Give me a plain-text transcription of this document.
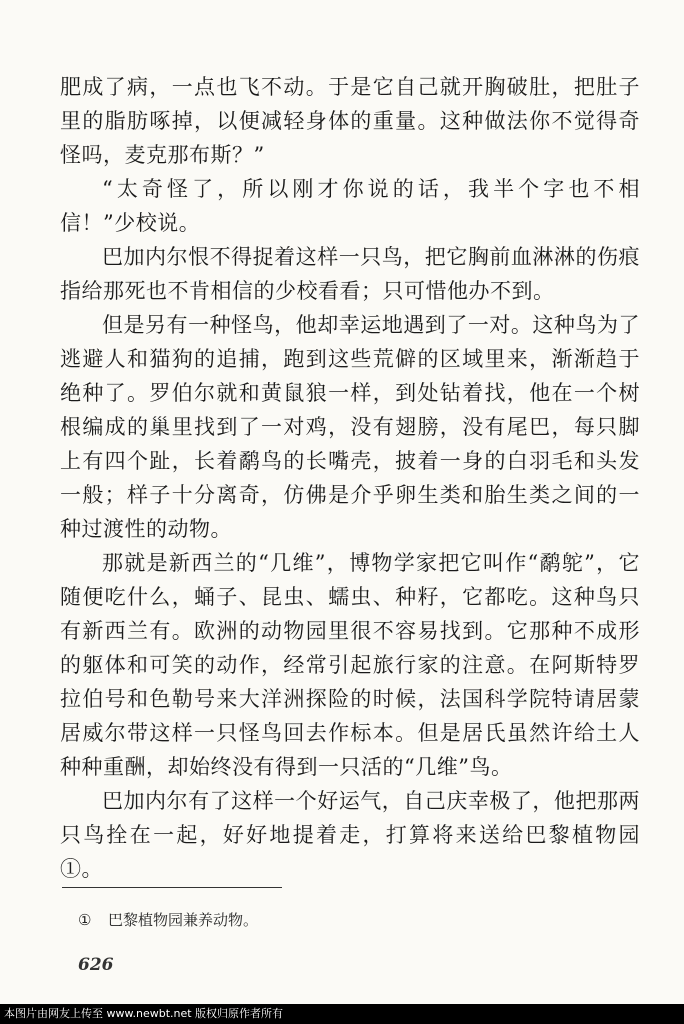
肥成了病，一点也飞不动。于是它自己就开胸破肚，把肚子里的脂肪啄掉，以便减轻身体的重量。这种做法你不觉得奇怪吗，麦克那布斯？”

“太奇怪了，所以刚才你说的话，我半个字也不相信！”少校说。

巴加内尔恨不得捉着这样一只鸟，把它胸前血淋淋的伤痕指给那死也不肯相信的少校看看；只可惜他办不到。

但是另有一种怪鸟，他却幸运地遇到了一对。这种鸟为了逃避人和猫狗的追捕，跑到这些荒僻的区域里来，渐渐趋于绝种了。罗伯尔就和黄鼠狼一样，到处钻着找，他在一个树根编成的巢里找到了一对鸡，没有翅膀，没有尾巴，每只脚上有四个趾，长着鹬鸟的长嘴壳，披着一身的白羽毛和头发一般；样子十分离奇，仿佛是介乎卵生类和胎生类之间的一种过渡性的动物。

那就是新西兰的“几维”，博物学家把它叫作“鹬鸵”，它随便吃什么，蛹子、昆虫、蠕虫、种籽，它都吃。这种鸟只有新西兰有。欧洲的动物园里很不容易找到。它那种不成形的躯体和可笑的动作，经常引起旅行家的注意。在阿斯特罗拉伯号和色勒号来大洋洲探险的时候，法国科学院特请居蒙居威尔带这样一只怪鸟回去作标本。但是居氏虽然许给土人种种重酬，却始终没有得到一只活的“几维”鸟。

巴加内尔有了这样一个好运气，自己庆幸极了，他把那两只鸟拴在一起，好好地提着走，打算将来送给巴黎植物园①。

① 巴黎植物园兼养动物。
626
本图片由网友上传至 www.newbt.net 版权归原作者所有
